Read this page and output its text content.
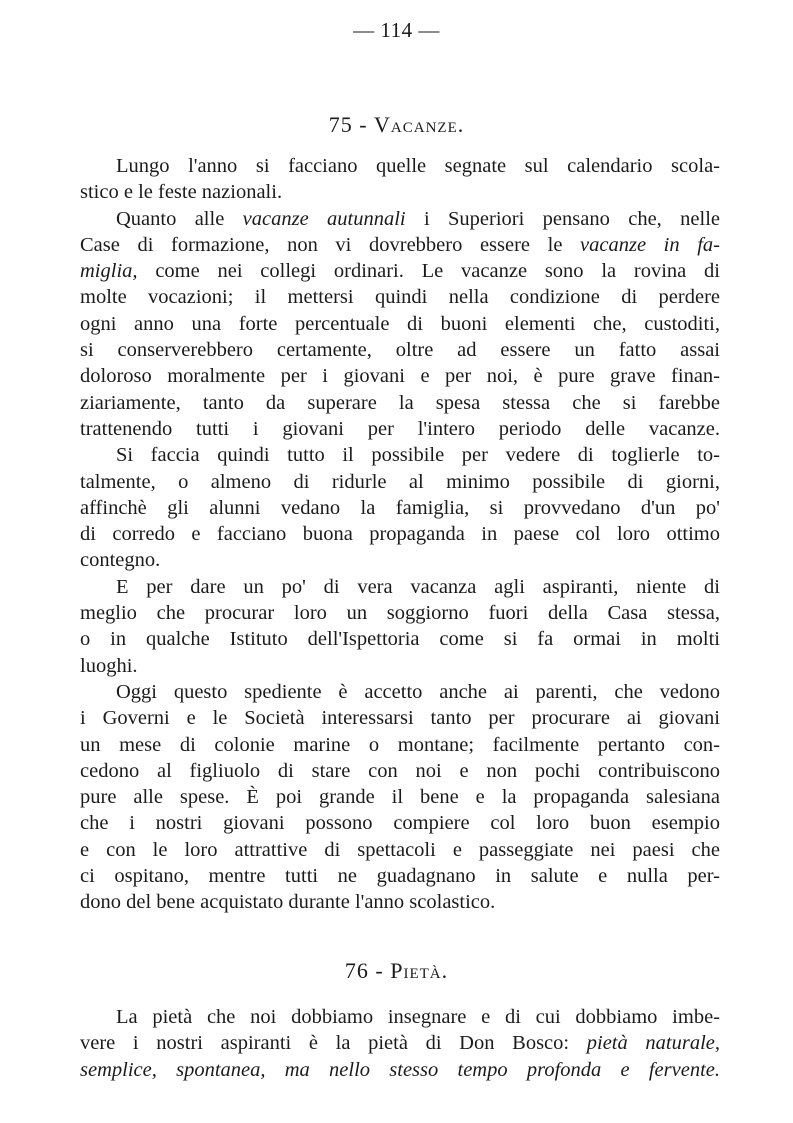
— 114 —
75 - Vacanze.
Lungo l'anno si facciano quelle segnate sul calendario scola-
stico e le feste nazionali.
Quanto alle vacanze autunnali i Superiori pensano che, nelle
Case di formazione, non vi dovrebbero essere le vacanze in fa-
miglia, come nei collegi ordinari. Le vacanze sono la rovina di
molte vocazioni; il mettersi quindi nella condizione di perdere
ogni anno una forte percentuale di buoni elementi che, custoditi,
si conserverebbero certamente, oltre ad essere un fatto assai
doloroso moralmente per i giovani e per noi, è pure grave finan-
ziariamente, tanto da superare la spesa stessa che si farebbe
trattenendo tutti i giovani per l'intero periodo delle vacanze.
Si faccia quindi tutto il possibile per vedere di toglierle to-
talmente, o almeno di ridurle al minimo possibile di giorni,
affinchè gli alunni vedano la famiglia, si provvedano d'un po'
di corredo e facciano buona propaganda in paese col loro ottimo
contegno.
E per dare un po' di vera vacanza agli aspiranti, niente di
meglio che procurar loro un soggiorno fuori della Casa stessa,
o in qualche Istituto dell'Ispettoria come si fa ormai in molti
luoghi.
Oggi questo spediente è accetto anche ai parenti, che vedono
i Governi e le Società interessarsi tanto per procurare ai giovani
un mese di colonie marine o montane; facilmente pertanto con-
cedono al figliuolo di stare con noi e non pochi contribuiscono
pure alle spese. È poi grande il bene e la propaganda salesiana
che i nostri giovani possono compiere col loro buon esempio
e con le loro attrattive di spettacoli e passeggiate nei paesi che
ci ospitano, mentre tutti ne guadagnano in salute e nulla per-
dono del bene acquistato durante l'anno scolastico.
76 - Pietà.
La pietà che noi dobbiamo insegnare e di cui dobbiamo imbe-
vere i nostri aspiranti è la pietà di Don Bosco: pietà naturale,
semplice, spontanea, ma nello stesso tempo profonda e fervente.
